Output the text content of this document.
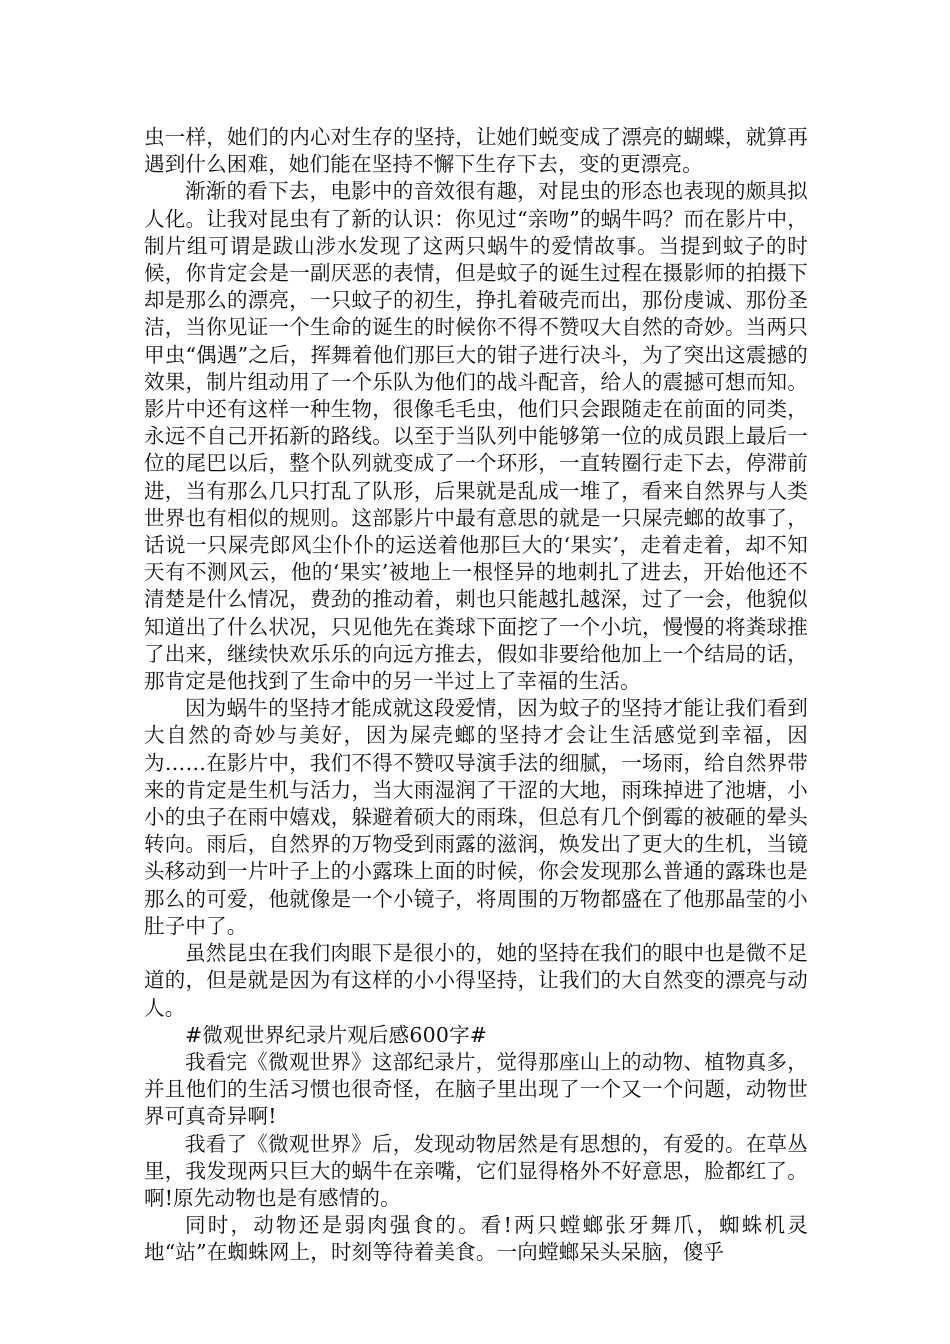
虫一样，她们的内心对生存的坚持，让她们蜕变成了漂亮的蝴蝶，就算再遇到什么困难，她们能在坚持不懈下生存下去，变的更漂亮。

渐渐的看下去，电影中的音效很有趣，对昆虫的形态也表现的颇具拟人化。让我对昆虫有了新的认识：你见过“亲吻”的蜗牛吗？而在影片中，制片组可谓是跋山涉水发现了这两只蜗牛的爱情故事。当提到蚊子的时候，你肯定会是一副厌恶的表情，但是蚊子的诞生过程在摄影师的拍摄下却是那么的漂亮，一只蚊子的初生，挣扎着破壳而出，那份虔诚、那份圣洁，当你见证一个生命的诞生的时候你不得不赞叹大自然的奇妙。当两只甲虫“偶遇”之后，挥舞着他们那巨大的钳子进行决斗，为了突出这震撼的效果，制片组动用了一个乐队为他们的战斗配音，给人的震撼可想而知。影片中还有这样一种生物，很像毛毛虫，他们只会跟随走在前面的同类，永远不自己开拓新的路线。以至于当队列中能够第一位的成员跟上最后一位的尾巴以后，整个队列就变成了一个环形，一直转圈行走下去，停滞前进，当有那么几只打乱了队形，后果就是乱成一堆了，看来自然界与人类世界也有相似的规则。这部影片中最有意思的就是一只屎壳螂的故事了，话说一只屎壳郎风尘仆仆的运送着他那巨大的‘果实’，走着走着，却不知天有不测风云，他的‘果实’被地上一根怪异的地刺扎了进去，开始他还不清楚是什么情况，费劲的推动着，刺也只能越扎越深，过了一会，他貌似知道出了什么状况，只见他先在粪球下面挖了一个小坑，慢慢的将粪球推了出来，继续快欢乐乐的向远方推去，假如非要给他加上一个结局的话，那肯定是他找到了生命中的另一半过上了幸福的生活。

因为蜗牛的坚持才能成就这段爱情，因为蚊子的坚持才能让我们看到大自然的奇妙与美好，因为屎壳螂的坚持才会让生活感觉到幸福，因为……在影片中，我们不得不赞叹导演手法的细腻，一场雨，给自然界带来的肯定是生机与活力，当大雨湿润了干涩的大地，雨珠掉进了池塘，小小的虫子在雨中嬉戏，躲避着硕大的雨珠，但总有几个倒霉的被砸的晕头转向。雨后，自然界的万物受到雨露的滋润，焕发出了更大的生机，当镜头移动到一片叶子上的小露珠上面的时候，你会发现那么普通的露珠也是那么的可爱，他就像是一个小镜子，将周围的万物都盛在了他那晶莹的小肚子中了。

虽然昆虫在我们肉眼下是很小的，她的坚持在我们的眼中也是微不足道的，但是就是因为有这样的小小得坚持，让我们的大自然变的漂亮与动人。

#微观世界纪录片观后感600字#

我看完《微观世界》这部纪录片，觉得那座山上的动物、植物真多，并且他们的生活习惯也很奇怪，在脑子里出现了一个又一个问题，动物世界可真奇异啊!

我看了《微观世界》后，发现动物居然是有思想的，有爱的。在草丛里，我发现两只巨大的蜗牛在亲嘴，它们显得格外不好意思，脸都红了。啊!原先动物也是有感情的。

同时，动物还是弱肉强食的。看!两只螳螂张牙舞爪，蜘蛛机灵地“站”在蜘蛛网上，时刻等待着美食。一向螳螂呆头呆脑，傻乎
